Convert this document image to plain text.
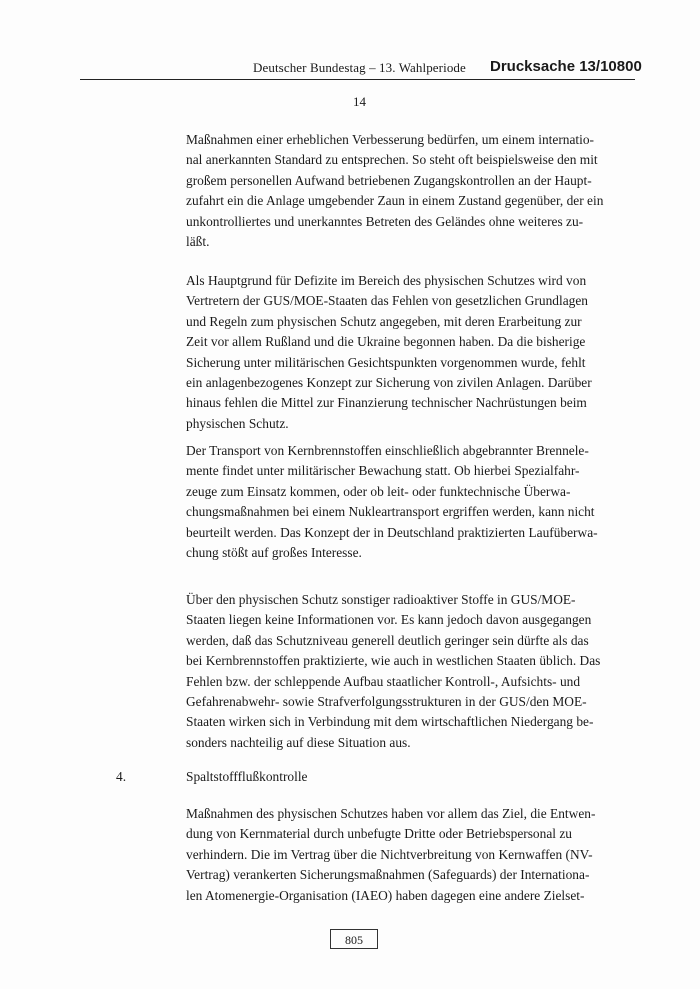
Deutscher Bundestag – 13. Wahlperiode Drucksache 13/10800
14

Maßnahmen einer erheblichen Verbesserung bedürfen, um einem internatio-
nal anerkannten Standard zu entsprechen. So steht oft beispielsweise den mit
großem personellen Aufwand betriebenen Zugangskontrollen an der Haupt-
zufahrt ein die Anlage umgebender Zaun in einem Zustand gegenüber, der ein
unkontrolliertes und unerkanntes Betreten des Geländes ohne weiteres zu-
läßt.

Als Hauptgrund für Defizite im Bereich des physischen Schutzes wird von
Vertretern der GUS/MOE-Staaten das Fehlen von gesetzlichen Grundlagen
und Regeln zum physischen Schutz angegeben, mit deren Erarbeitung zur
Zeit vor allem Rußland und die Ukraine begonnen haben. Da die bisherige
Sicherung unter militärischen Gesichtspunkten vorgenommen wurde, fehlt
ein anlagenbezogenes Konzept zur Sicherung von zivilen Anlagen. Darüber
hinaus fehlen die Mittel zur Finanzierung technischer Nachrüstungen beim
physischen Schutz.

Der Transport von Kernbrennstoffen einschließlich abgebrannter Brennele-
mente findet unter militärischer Bewachung statt. Ob hierbei Spezialfahr-
zeuge zum Einsatz kommen, oder ob leit- oder funktechnische Überwa-
chungsmaßnahmen bei einem Nukleartransport ergriffen werden, kann nicht
beurteilt werden. Das Konzept der in Deutschland praktizierten Laufüberwa-
chung stößt auf großes Interesse.

Über den physischen Schutz sonstiger radioaktiver Stoffe in GUS/MOE-
Staaten liegen keine Informationen vor. Es kann jedoch davon ausgegangen
werden, daß das Schutzniveau generell deutlich geringer sein dürfte als das
bei Kernbrennstoffen praktizierte, wie auch in westlichen Staaten üblich. Das
Fehlen bzw. der schleppende Aufbau staatlicher Kontroll-, Aufsichts- und
Gefahrenabwehr- sowie Strafverfolgungsstrukturen in der GUS/den MOE-
Staaten wirken sich in Verbindung mit dem wirtschaftlichen Niedergang be-
sonders nachteilig auf diese Situation aus.

4.	Spaltstoffflußkontrolle

Maßnahmen des physischen Schutzes haben vor allem das Ziel, die Entwen-
dung von Kernmaterial durch unbefugte Dritte oder Betriebspersonal zu
verhindern. Die im Vertrag über die Nichtverbreitung von Kernwaffen (NV-
Vertrag) verankerten Sicherungsmaßnahmen (Safeguards) der Internationa-
len Atomenergie-Organisation (IAEO) haben dagegen eine andere Zielset-

805
